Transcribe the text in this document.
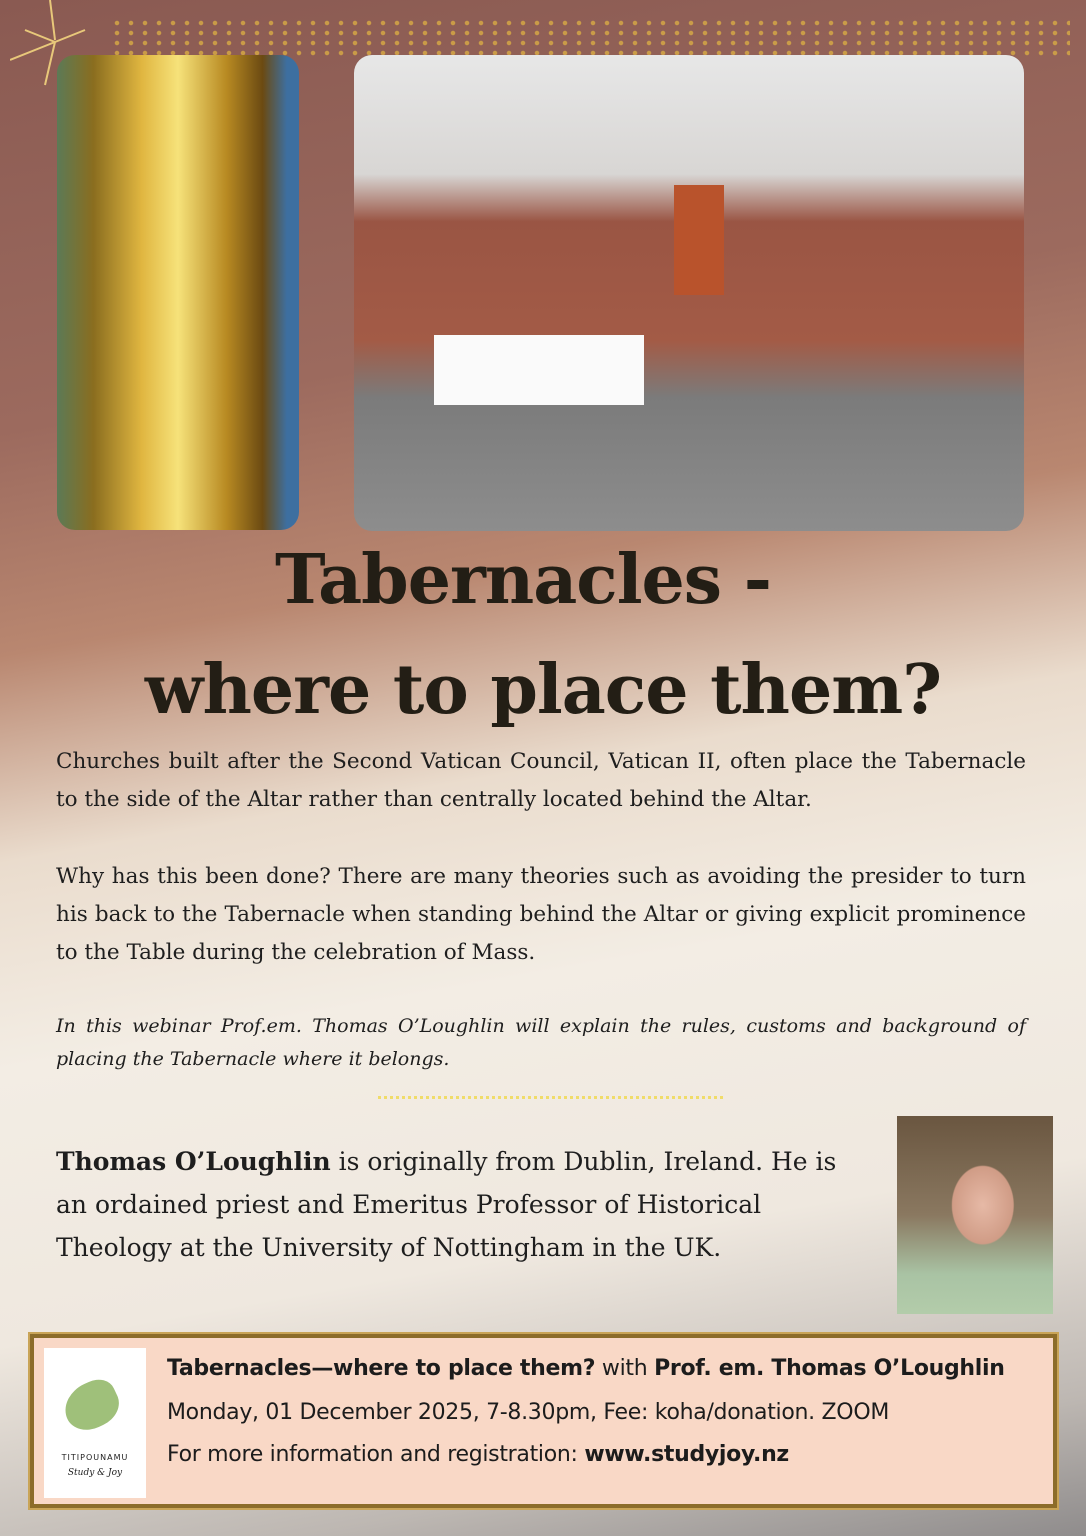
Tabernacles -
where to place them?

Churches built after the Second Vatican Council, Vatican II, often place the Tabernacle to the side of the Altar rather than centrally located behind the Altar.

Why has this been done? There are many theories such as avoiding the presider to turn his back to the Tabernacle when standing behind the Altar or giving explicit prominence to the Table during the celebration of Mass.

In this webinar Prof.em. Thomas O’Loughlin will explain the rules, customs and background of placing the Tabernacle where it belongs.

Thomas O’Loughlin is originally from Dublin, Ireland. He is an ordained priest and Emeritus Professor of Historical Theology at the University of Nottingham in the UK.

TITIPOUNAMU
Study & Joy
Tabernacles—where to place them? with Prof. em. Thomas O’Loughlin
Monday, 01 December 2025, 7-8.30pm, Fee: koha/donation. ZOOM
For more information and registration: www.studyjoy.nz
